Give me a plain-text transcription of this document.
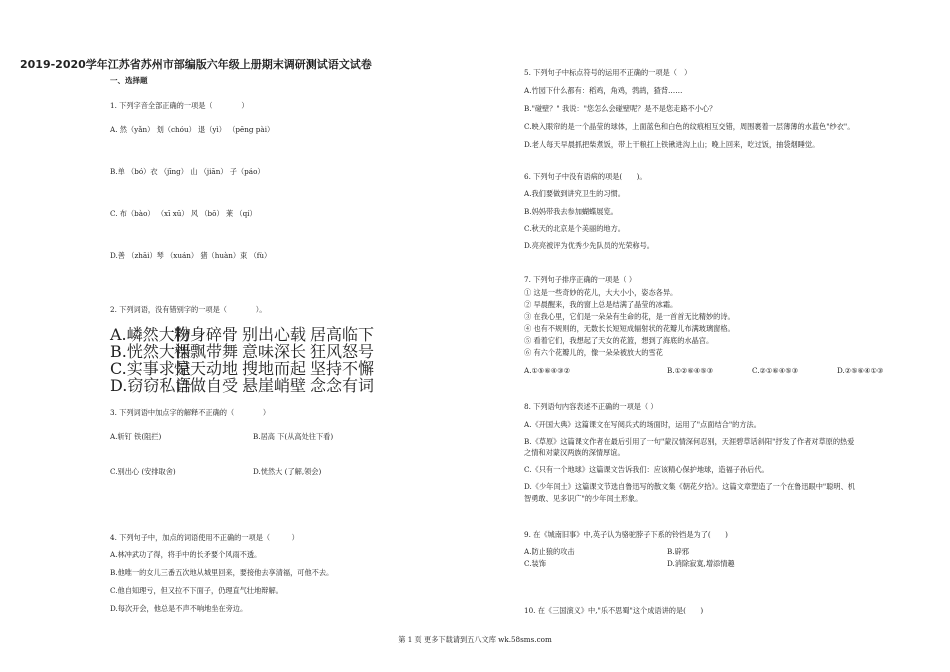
2019-2020学年江苏省苏州市部编版六年级上册期末调研测试语文试卷
一、选择题
1. 下列字音全部正确的一项是（　　　　）
A. 然（yǎn） 划（chóu） 退（yì） （pēng pài）
B.单 （bó）衣 （jīng） 山 （jiān） 子（páo）
C. 布（bào） （xī xū） 风 （bō） 莱 （qí）
D.善 （zhāi）琴 （xuán） 猪（huàn）束 （fù）
2. 下列词语，没有错别字的一项是（　　　　）。
A.嶙然大物
粉身碎骨 别出心载 居高临下
B.恍然大悟
裸飘带舞 意味深长 狂风怒号
C.实事求是
惊天动地 搜地而起 坚持不懈
D.窃窃私语
自做自受 悬崖峭壁 念念有词
3. 下列词语中加点字的解释不正确的（　　　　）
A.斩钉 铁(阻拦)	B.居高 下(从高处往下看)
C.别出心 (安排取舍)	D.恍然大 (了解,领会)
4. 下列句子中，加点的词语使用不正确的一项是（　　　）
A.林冲武功了得，将手中的长矛要个风雨不透。
B.他唯一的女儿三番五次地从城里回来，要接他去享清福，可他不去。
C.他自知理亏，但又拉不下面子，仍理直气壮地辩解。
D.每次开会，他总是不声不响地坐在旁边。
5. 下列句子中标点符号的运用不正确的一项是（　）
A.竹园下什么都有：稻鸡，角鸡，鹁鸪，猹背……
B."碰壁？" 我说："您怎么会碰壁呢？是不是您走路不小心？
C.映入眼帘的是一个晶莹的球体，上面蓝色和白色的纹痕相互交错，周围裹着一层薄薄的水蓝色"纱衣"。
D.老人每天早晨抓把柴煮饭，带上干粮扛上铁锹进沟上山；晚上回来，吃过饭，抽袋烟睡觉。
6. 下列句子中没有语病的项是(　　)。
A.我们要做到讲究卫生的习惯。
B.妈妈带我去参加蝴蝶展览。
C.秋天的北京是个美丽的地方。
D.亮亮被评为优秀少先队员的光荣称号。
7. 下列句子排序正确的一项是（ ）
① 这是一些奇妙的花儿，大大小小，姿态各异。
② 早晨醒来，我的窗上总是结满了晶莹的冰霜。
③ 在我心里，它们是一朵朵有生命的花，是一首首无比精妙的诗。
④ 也有不规则的，无数长长短短成辐射状的花瓣儿布满玻璃窗格。
⑤ 看着它们，我想起了天女的花篮，想到了海底的水晶宫。
⑥ 有六个花瓣儿的，像一朵朵被放大的雪花
A.①⑤⑥④③②	B.①②⑥④⑤③	C.②①⑥④⑤③	D.②⑤⑥④①③
8. 下列语句内容表述不正确的一项是（ ）
A.《开国大典》这篇课文在写阅兵式的场面时，运用了"点面结合"的方法。
B.《草原》这篇课文作者在最后引用了一句"蒙汉情深何忍别，天涯碧草话斜阳"抒发了作者对草原的热爱
之情和对蒙汉两族的深情厚谊。
C.《只有一个地球》这篇课文告诉我们：应该精心保护地球，造福子孙后代。
D.《少年闰土》这篇课文节选自鲁迅写的散文集《朝花夕拾》。这篇文章塑造了一个在鲁迅眼中"聪明、机
智勇敢、见多识广"的少年闰土形象。
9. 在《城南旧事》中,英子认为骆驼脖子下系的铃铛是为了(　　)
A.防止狼的攻击	B.辟邪
C.装饰	D.消除寂寞,增添情趣
10. 在《三国演义》中,"乐不思蜀"这个成语讲的是(　　)
第 1 页 更多下载请到五八文库 wk.58sms.com
